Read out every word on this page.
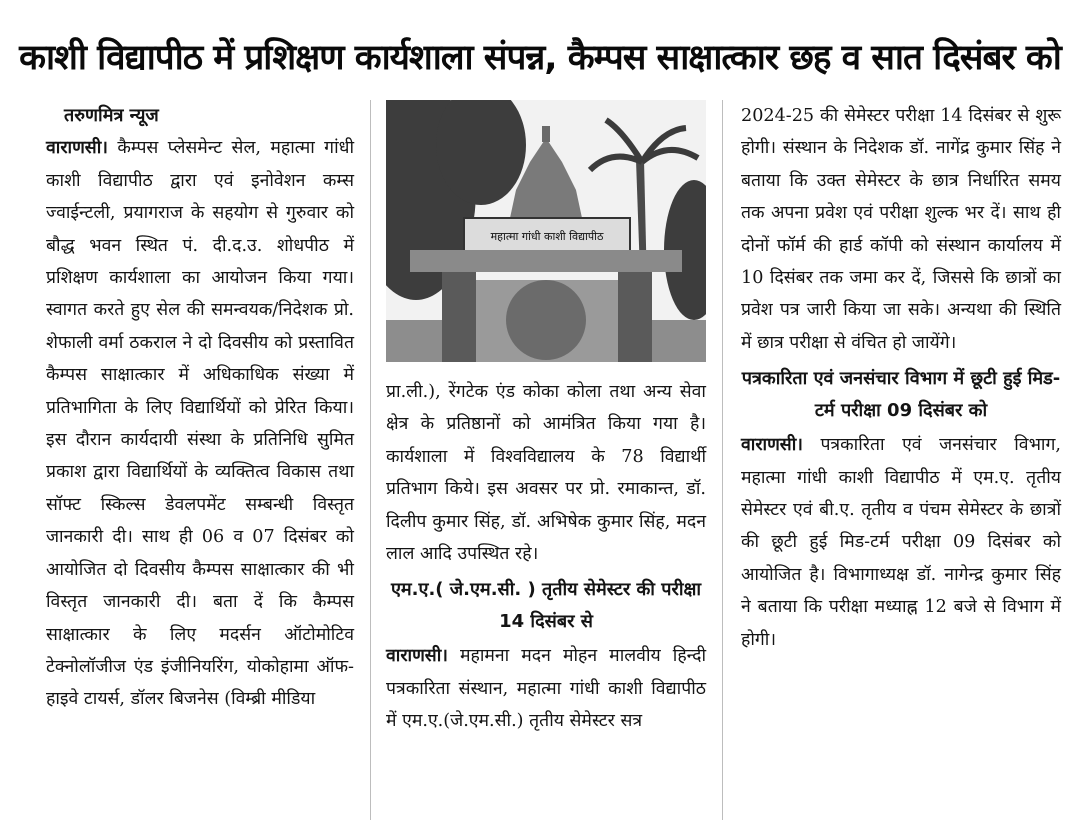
काशी विद्यापीठ में प्रशिक्षण कार्यशाला संपन्न, कैम्पस साक्षात्कार छह व सात दिसंबर को

तरुणमित्र न्यूज

वाराणसी। कैम्पस प्लेसमेन्ट सेल, महात्मा गांधी काशी विद्यापीठ द्वारा एवं इनोवेशन कम्स ज्वाईन्टली, प्रयागराज के सहयोग से गुरुवार को बौद्ध भवन स्थित पं. दी.द.उ. शोधपीठ में प्रशिक्षण कार्यशाला का आयोजन किया गया। स्वागत करते हुए सेल की समन्वयक/निदेशक प्रो. शेफाली वर्मा ठकराल ने दो दिवसीय को प्रस्तावित कैम्पस साक्षात्कार में अधिकाधिक संख्या में प्रतिभागिता के लिए विद्यार्थियों को प्रेरित किया। इस दौरान कार्यदायी संस्था के प्रतिनिधि सुमित प्रकाश द्वारा विद्यार्थियों के व्यक्तित्व विकास तथा सॉफ्ट स्किल्स डेवलपमेंट सम्बन्धी विस्तृत जानकारी दी। साथ ही 06 व 07 दिसंबर को आयोजित दो दिवसीय कैम्पस साक्षात्कार की भी विस्तृत जानकारी दी। बता दें कि कैम्पस साक्षात्कार के लिए मदर्सन ऑटोमोटिव टेक्नोलॉजीज एंड इंजीनियरिंग, योकोहामा ऑफ-हाइवे टायर्स, डॉलर बिजनेस (विम्ब्री मीडिया

महात्मा गांधी काशी विद्यापीठ

प्रा.ली.), रेंगटेक एंड कोका कोला तथा अन्य सेवा क्षेत्र के प्रतिष्ठानों को आमंत्रित किया गया है। कार्यशाला में विश्वविद्यालय के 78 विद्यार्थी प्रतिभाग किये। इस अवसर पर प्रो. रमाकान्त, डॉ. दिलीप कुमार सिंह, डॉ. अभिषेक कुमार सिंह, मदन लाल आदि उपस्थित रहे।

एम.ए.( जे.एम.सी. ) तृतीय सेमेस्टर की परीक्षा 14 दिसंबर से

वाराणसी। महामना मदन मोहन मालवीय हिन्दी पत्रकारिता संस्थान, महात्मा गांधी काशी विद्यापीठ में एम.ए.(जे.एम.सी.) तृतीय सेमेस्टर सत्र

2024-25 की सेमेस्टर परीक्षा 14 दिसंबर से शुरू होगी। संस्थान के निदेशक डॉ. नागेंद्र कुमार सिंह ने बताया कि उक्त सेमेस्टर के छात्र निर्धारित समय तक अपना प्रवेश एवं परीक्षा शुल्क भर दें। साथ ही दोनों फॉर्म की हार्ड कॉपी को संस्थान कार्यालय में 10 दिसंबर तक जमा कर दें, जिससे कि छात्रों का प्रवेश पत्र जारी किया जा सके। अन्यथा की स्थिति में छात्र परीक्षा से वंचित हो जायेंगे।

पत्रकारिता एवं जनसंचार विभाग में छूटी हुई मिड-टर्म परीक्षा 09 दिसंबर को

वाराणसी। पत्रकारिता एवं जनसंचार विभाग, महात्मा गांधी काशी विद्यापीठ में एम.ए. तृतीय सेमेस्टर एवं बी.ए. तृतीय व पंचम सेमेस्टर के छात्रों की छूटी हुई मिड-टर्म परीक्षा 09 दिसंबर को आयोजित है। विभागाध्यक्ष डॉ. नागेन्द्र कुमार सिंह ने बताया कि परीक्षा मध्याह्न 12 बजे से विभाग में होगी।
